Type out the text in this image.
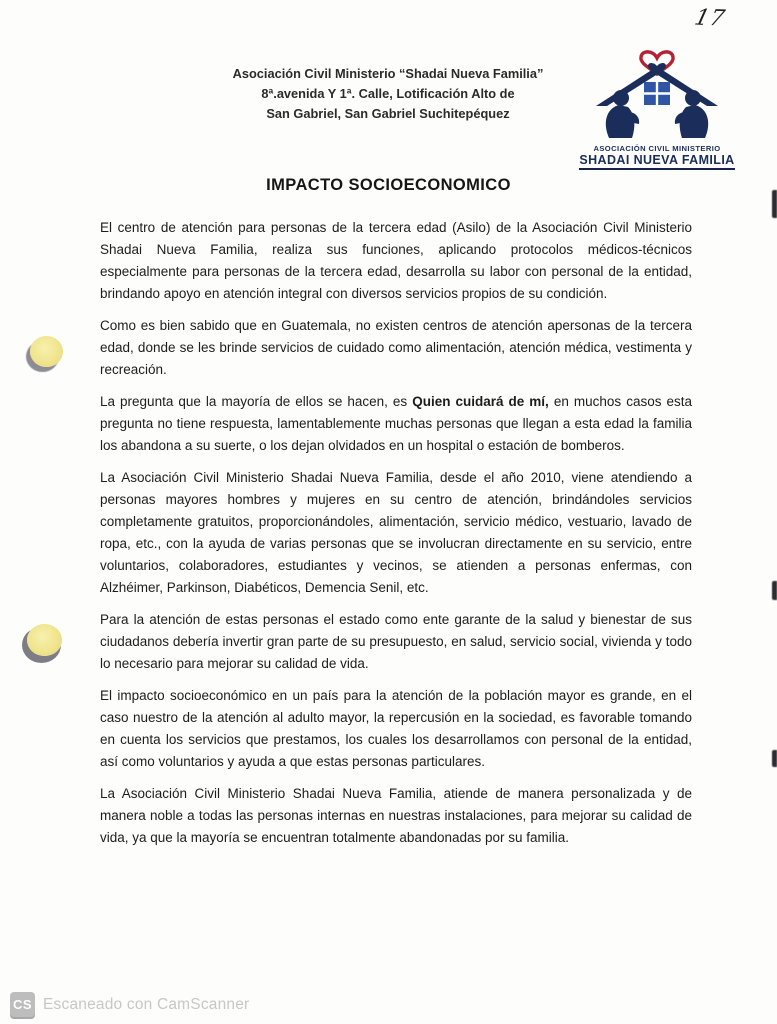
17
Asociación Civil Ministerio “Shadai Nueva Familia”
8ª.avenida Y 1ª. Calle, Lotificación Alto de
San Gabriel, San Gabriel Suchitepéquez
ASOCIACIÓN CIVIL MINISTERIO
SHADAI NUEVA FAMILIA
IMPACTO SOCIOECONOMICO

El centro de atención para personas de la tercera edad (Asilo) de la Asociación Civil Ministerio Shadai Nueva Familia, realiza sus funciones, aplicando protocolos médicos-técnicos especialmente para personas de la tercera edad, desarrolla su labor con personal de la entidad, brindando apoyo en atención integral con diversos servicios propios de su condición.

Como es bien sabido que en Guatemala, no existen centros de atención apersonas de la tercera edad, donde se les brinde servicios de cuidado como alimentación, atención médica, vestimenta y recreación.

La pregunta que la mayoría de ellos se hacen, es Quien cuidará de mí, en muchos casos esta pregunta no tiene respuesta, lamentablemente muchas personas que llegan a esta edad la familia los abandona a su suerte, o los dejan olvidados en un hospital o estación de bomberos.

La Asociación Civil Ministerio Shadai Nueva Familia, desde el año 2010, viene atendiendo a personas mayores hombres y mujeres en su centro de atención, brindándoles servicios completamente gratuitos, proporcionándoles, alimentación, servicio médico, vestuario, lavado de ropa, etc., con la ayuda de varias personas que se involucran directamente en su servicio, entre voluntarios, colaboradores, estudiantes y vecinos, se atienden a personas enfermas, con Alzhéimer, Parkinson, Diabéticos, Demencia Senil, etc.

Para la atención de estas personas el estado como ente garante de la salud y bienestar de sus ciudadanos debería invertir gran parte de su presupuesto, en salud, servicio social, vivienda y todo lo necesario para mejorar su calidad de vida.

El impacto socioeconómico en un país para la atención de la población mayor es grande, en el caso nuestro de la atención al adulto mayor, la repercusión en la sociedad, es favorable tomando en cuenta los servicios que prestamos, los cuales los desarrollamos con personal de la entidad, así como voluntarios y ayuda a que estas personas particulares.

La Asociación Civil Ministerio Shadai Nueva Familia, atiende de manera personalizada y de manera noble a todas las personas internas en nuestras instalaciones, para mejorar su calidad de vida, ya que la mayoría se encuentran totalmente abandonadas por su familia.

CS Escaneado con CamScanner
